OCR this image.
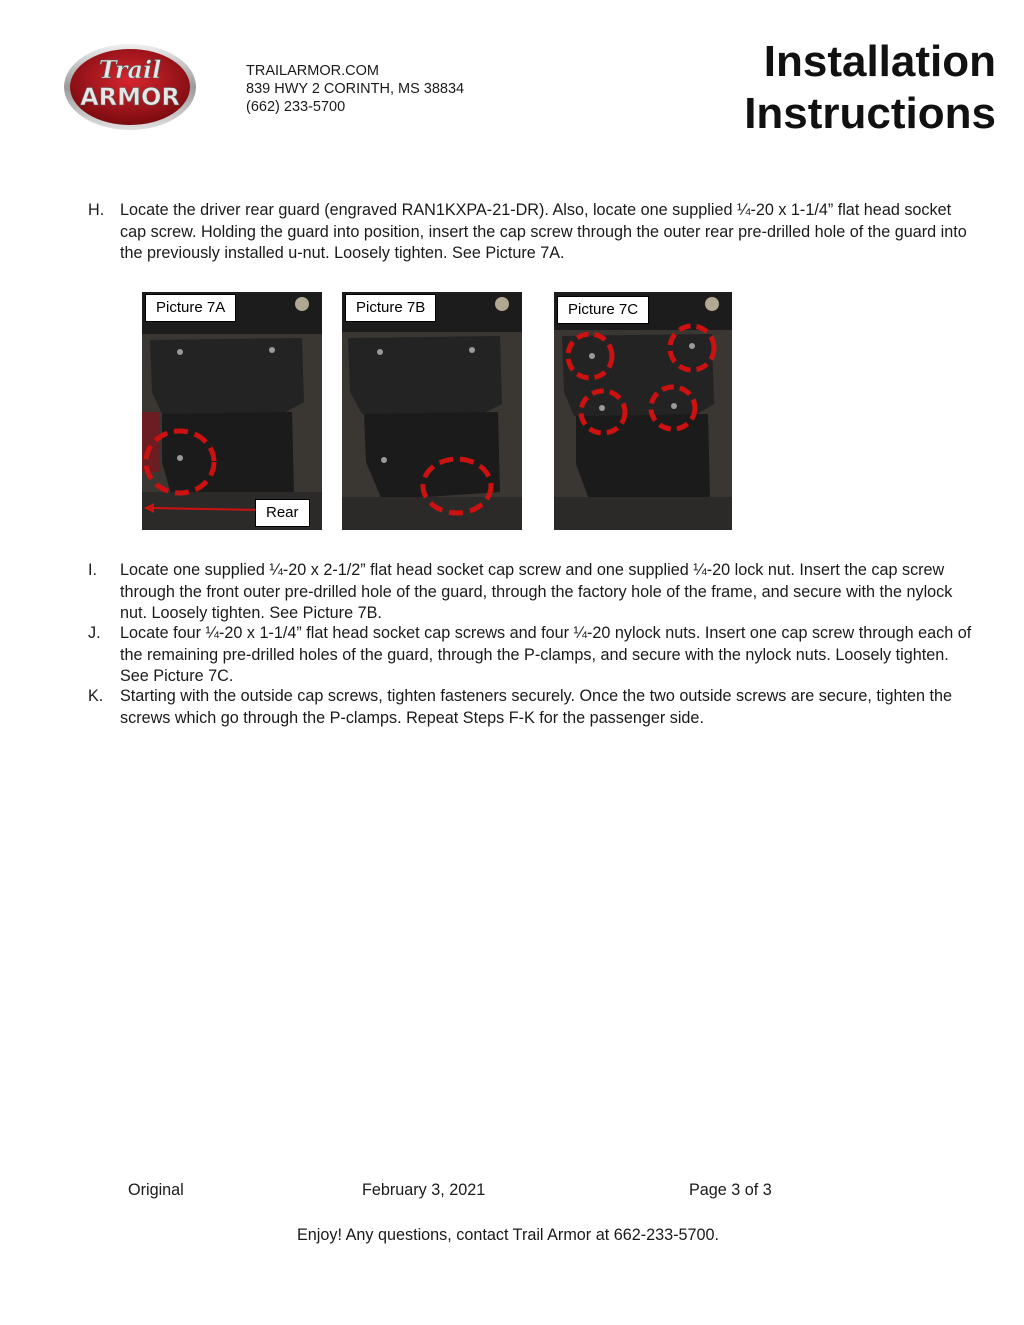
Trail
ARMOR
TRAILARMOR.COM
839 HWY 2 CORINTH, MS 38834
(662) 233-5700
Installation
Instructions
H. Locate the driver rear guard (engraved RAN1KXPA-21-DR). Also, locate one supplied ¼-20 x 1-1/4” flat head socket cap screw. Holding the guard into position, insert the cap screw through the outer rear pre-drilled hole of the guard into the previously installed u-nut. Loosely tighten. See Picture 7A.
Picture 7A
Rear
Picture 7B	Picture 7C
I.	Locate one supplied ¼-20 x 2-1/2” flat head socket cap screw and one supplied ¼-20 lock nut. Insert the cap screw through the front outer pre-drilled hole of the guard, through the factory hole of the frame, and secure with the nylock nut. Loosely tighten. See Picture 7B.
J.	Locate four ¼-20 x 1-1/4” flat head socket cap screws and four ¼-20 nylock nuts. Insert one cap screw through each of the remaining pre-drilled holes of the guard, through the P-clamps, and secure with the nylock nuts. Loosely tighten. See Picture 7C.
K.	Starting with the outside cap screws, tighten fasteners securely. Once the two outside screws are secure, tighten the screws which go through the P-clamps. Repeat Steps F-K for the passenger side.
Original	February 3, 2021	Page 3 of 3
Enjoy! Any questions, contact Trail Armor at 662-233-5700.
